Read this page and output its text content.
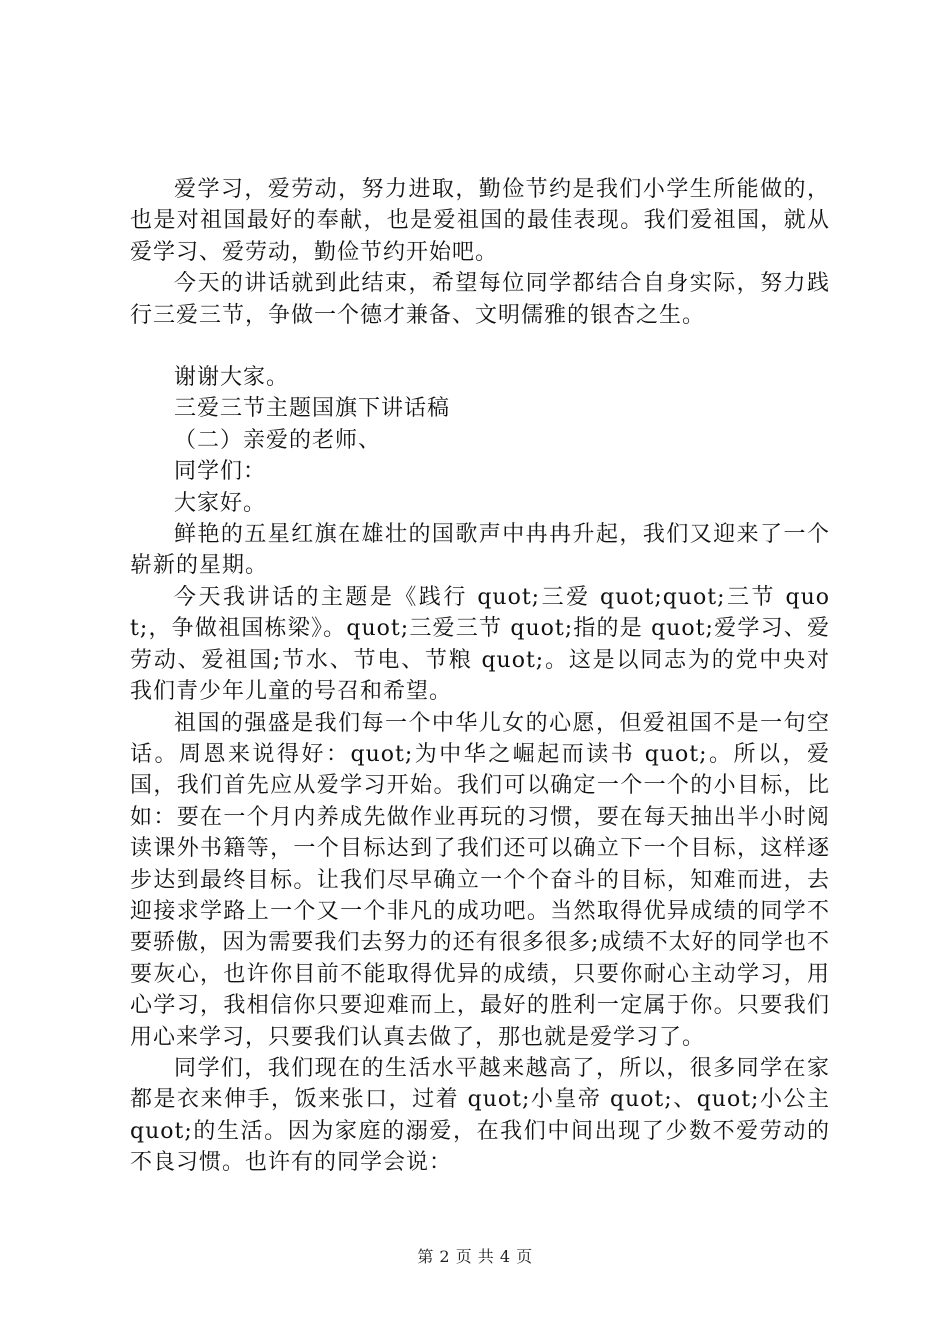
爱学习，爱劳动，努力进取，勤俭节约是我们小学生所能做的，也是对祖国最好的奉献，也是爱祖国的最佳表现。我们爱祖国，就从爱学习、爱劳动，勤俭节约开始吧。

今天的讲话就到此结束，希望每位同学都结合自身实际，努力践行三爱三节，争做一个德才兼备、文明儒雅的银杏之生。

谢谢大家。

三爱三节主题国旗下讲话稿

（二）亲爱的老师、

同学们：

大家好。

鲜艳的五星红旗在雄壮的国歌声中冉冉升起，我们又迎来了一个崭新的星期。

今天我讲话的主题是《践行 quot;三爱 quot;quot;三节 quot;，争做祖国栋梁》。quot;三爱三节 quot;指的是 quot;爱学习、爱劳动、爱祖国;节水、节电、节粮 quot;。这是以同志为的党中央对我们青少年儿童的号召和希望。

祖国的强盛是我们每一个中华儿女的心愿，但爱祖国不是一句空话。周恩来说得好：quot;为中华之崛起而读书 quot;。所以，爱国，我们首先应从爱学习开始。我们可以确定一个一个的小目标，比如：要在一个月内养成先做作业再玩的习惯，要在每天抽出半小时阅读课外书籍等，一个目标达到了我们还可以确立下一个目标，这样逐步达到最终目标。让我们尽早确立一个个奋斗的目标，知难而进，去迎接求学路上一个又一个非凡的成功吧。当然取得优异成绩的同学不要骄傲，因为需要我们去努力的还有很多很多;成绩不太好的同学也不要灰心，也许你目前不能取得优异的成绩，只要你耐心主动学习，用心学习，我相信你只要迎难而上，最好的胜利一定属于你。只要我们用心来学习，只要我们认真去做了，那也就是爱学习了。

同学们，我们现在的生活水平越来越高了，所以，很多同学在家都是衣来伸手，饭来张口，过着 quot;小皇帝 quot;、quot;小公主 quot;的生活。因为家庭的溺爱，在我们中间出现了少数不爱劳动的不良习惯。也许有的同学会说：

第 2 页 共 4 页
